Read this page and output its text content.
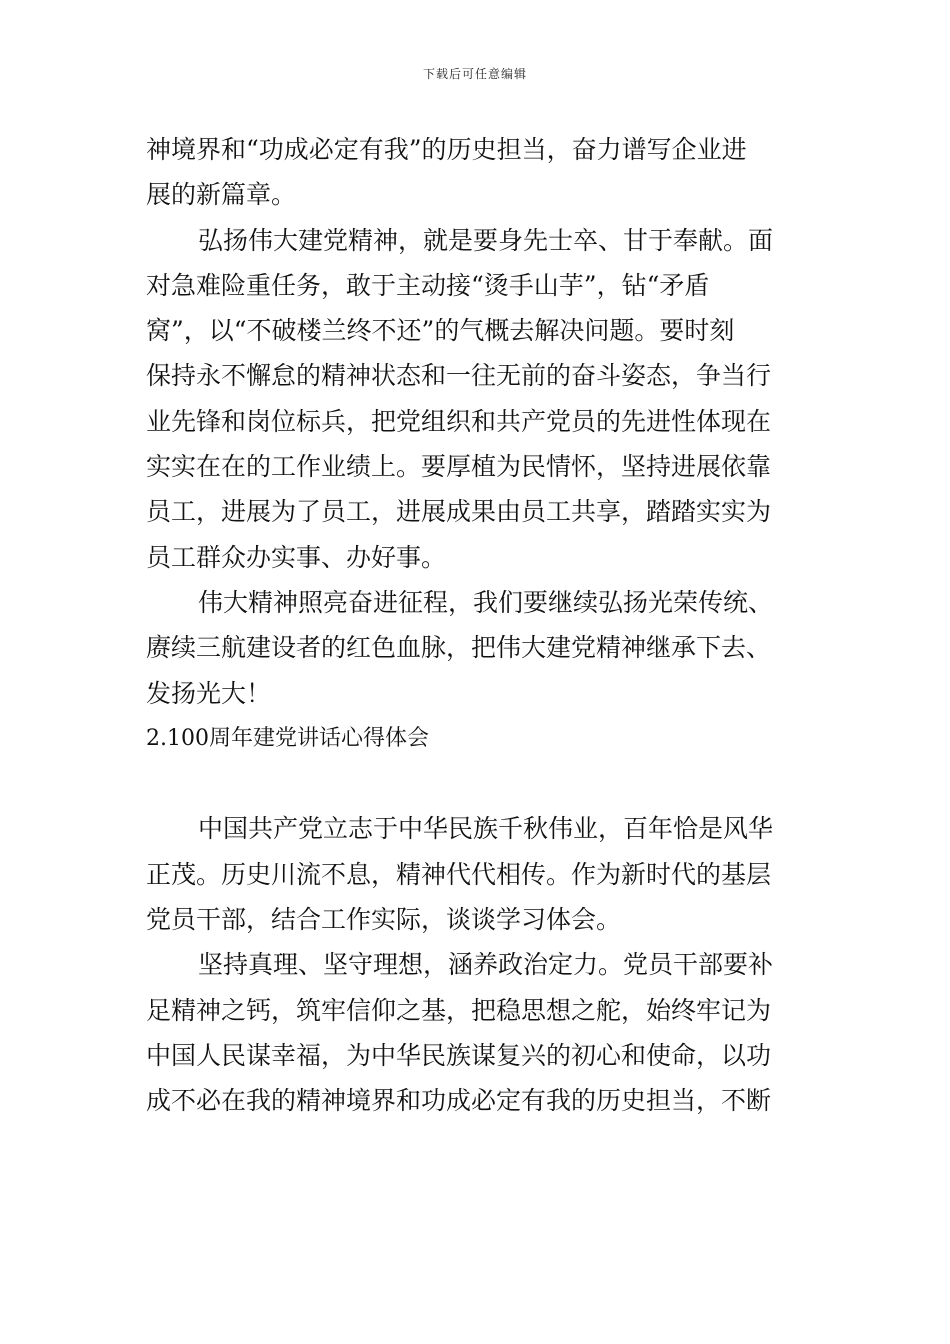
下载后可任意编辑
神境界和“功成必定有我”的历史担当，奋力谱写企业进
展的新篇章。
弘扬伟大建党精神，就是要身先士卒、甘于奉献。面
对急难险重任务，敢于主动接“烫手山芋”，钻“矛盾
窝”，以“不破楼兰终不还”的气概去解决问题。要时刻
保持永不懈怠的精神状态和一往无前的奋斗姿态，争当行
业先锋和岗位标兵，把党组织和共产党员的先进性体现在
实实在在的工作业绩上。要厚植为民情怀，坚持进展依靠
员工，进展为了员工，进展成果由员工共享，踏踏实实为
员工群众办实事、办好事。
伟大精神照亮奋进征程，我们要继续弘扬光荣传统、
赓续三航建设者的红色血脉，把伟大建党精神继承下去、
发扬光大！
2.100周年建党讲话心得体会
中国共产党立志于中华民族千秋伟业，百年恰是风华
正茂。历史川流不息，精神代代相传。作为新时代的基层
党员干部，结合工作实际，谈谈学习体会。
坚持真理、坚守理想，涵养政治定力。党员干部要补
足精神之钙，筑牢信仰之基，把稳思想之舵，始终牢记为
中国人民谋幸福，为中华民族谋复兴的初心和使命，以功
成不必在我的精神境界和功成必定有我的历史担当，不断
